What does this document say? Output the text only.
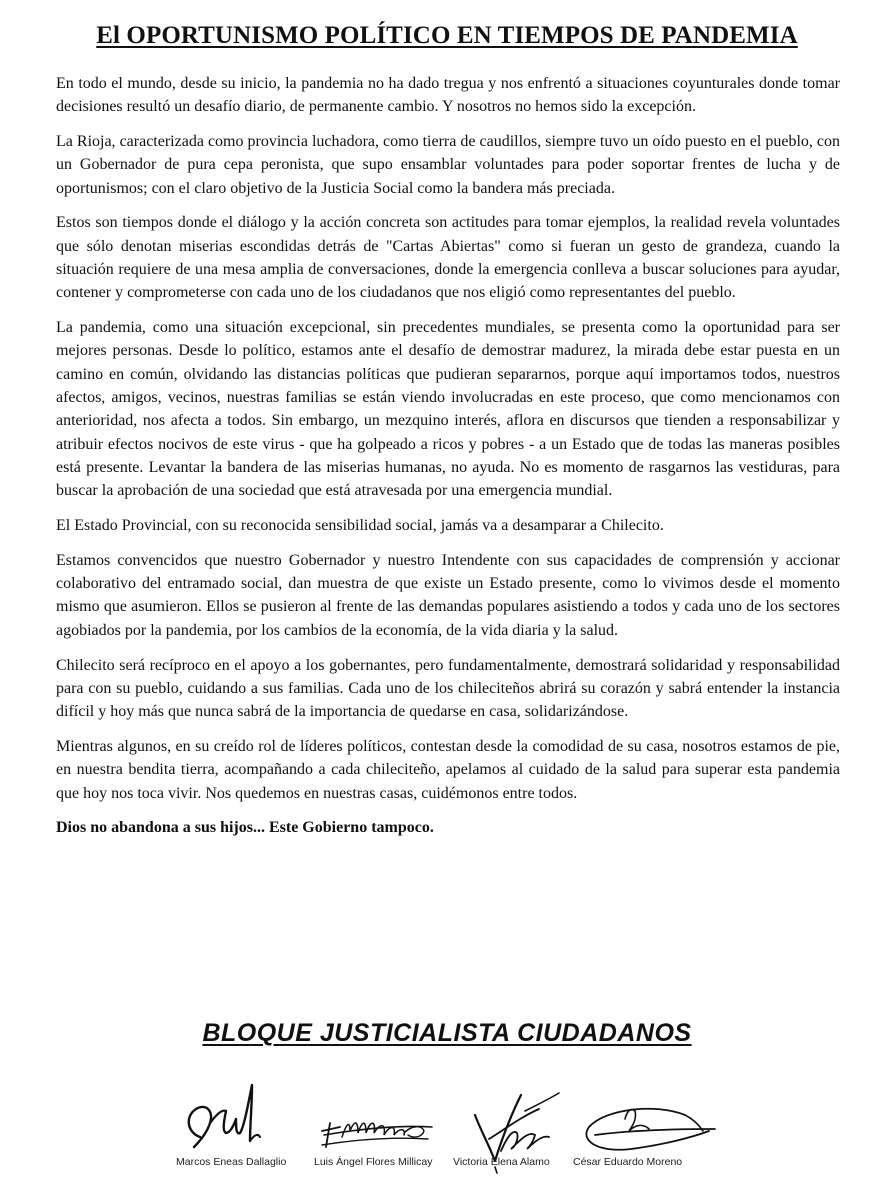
El OPORTUNISMO POLÍTICO EN TIEMPOS DE PANDEMIA

En todo el mundo, desde su inicio, la pandemia no ha dado tregua y nos enfrentó a situaciones coyunturales donde tomar decisiones resultó un desafío diario, de permanente cambio. Y nosotros no hemos sido la excepción.

La Rioja, caracterizada como provincia luchadora, como tierra de caudillos, siempre tuvo un oído puesto en el pueblo, con un Gobernador de pura cepa peronista, que supo ensamblar voluntades para poder soportar frentes de lucha y de oportunismos; con el claro objetivo de la Justicia Social como la bandera más preciada.

Estos son tiempos donde el diálogo y la acción concreta son actitudes para tomar ejemplos, la realidad revela voluntades que sólo denotan miserias escondidas detrás de "Cartas Abiertas" como si fueran un gesto de grandeza, cuando la situación requiere de una mesa amplia de conversaciones, donde la emergencia conlleva a buscar soluciones para ayudar, contener y comprometerse con cada uno de los ciudadanos que nos eligió como representantes del pueblo.

La pandemia, como una situación excepcional, sin precedentes mundiales, se presenta como la oportunidad para ser mejores personas. Desde lo político, estamos ante el desafío de demostrar madurez, la mirada debe estar puesta en un camino en común, olvidando las distancias políticas que pudieran separarnos, porque aquí importamos todos, nuestros afectos, amigos, vecinos, nuestras familias se están viendo involucradas en este proceso, que como mencionamos con anterioridad, nos afecta a todos. Sin embargo, un mezquino interés, aflora en discursos que tienden a responsabilizar y atribuir efectos nocivos de este virus - que ha golpeado a ricos y pobres - a un Estado que de todas las maneras posibles está presente. Levantar la bandera de las miserias humanas, no ayuda. No es momento de rasgarnos las vestiduras, para buscar la aprobación de una sociedad que está atravesada por una emergencia mundial.

El Estado Provincial, con su reconocida sensibilidad social, jamás va a desamparar a Chilecito.

Estamos convencidos que nuestro Gobernador y nuestro Intendente con sus capacidades de comprensión y accionar colaborativo del entramado social, dan muestra de que existe un Estado presente, como lo vivimos desde el momento mismo que asumieron. Ellos se pusieron al frente de las demandas populares asistiendo a todos y cada uno de los sectores agobiados por la pandemia, por los cambios de la economía, de la vida diaria y la salud.

Chilecito será recíproco en el apoyo a los gobernantes, pero fundamentalmente, demostrará solidaridad y responsabilidad para con su pueblo, cuidando a sus familias. Cada uno de los chileciteños abrirá su corazón y sabrá entender la instancia difícil y hoy más que nunca sabrá de la importancia de quedarse en casa, solidarizándose.

Mientras algunos, en su creído rol de líderes políticos, contestan desde la comodidad de su casa, nosotros estamos de pie, en nuestra bendita tierra, acompañando a cada chileciteño, apelamos al cuidado de la salud para superar esta pandemia que hoy nos toca vivir. Nos quedemos en nuestras casas, cuidémonos entre todos.

Dios no abandona a sus hijos... Este Gobierno tampoco.

BLOQUE JUSTICIALISTA CIUDADANOS
Marcos Eneas Dallaglio	Luis Ángel Flores Millicay Victoria Elena Alamo César Eduardo Moreno
